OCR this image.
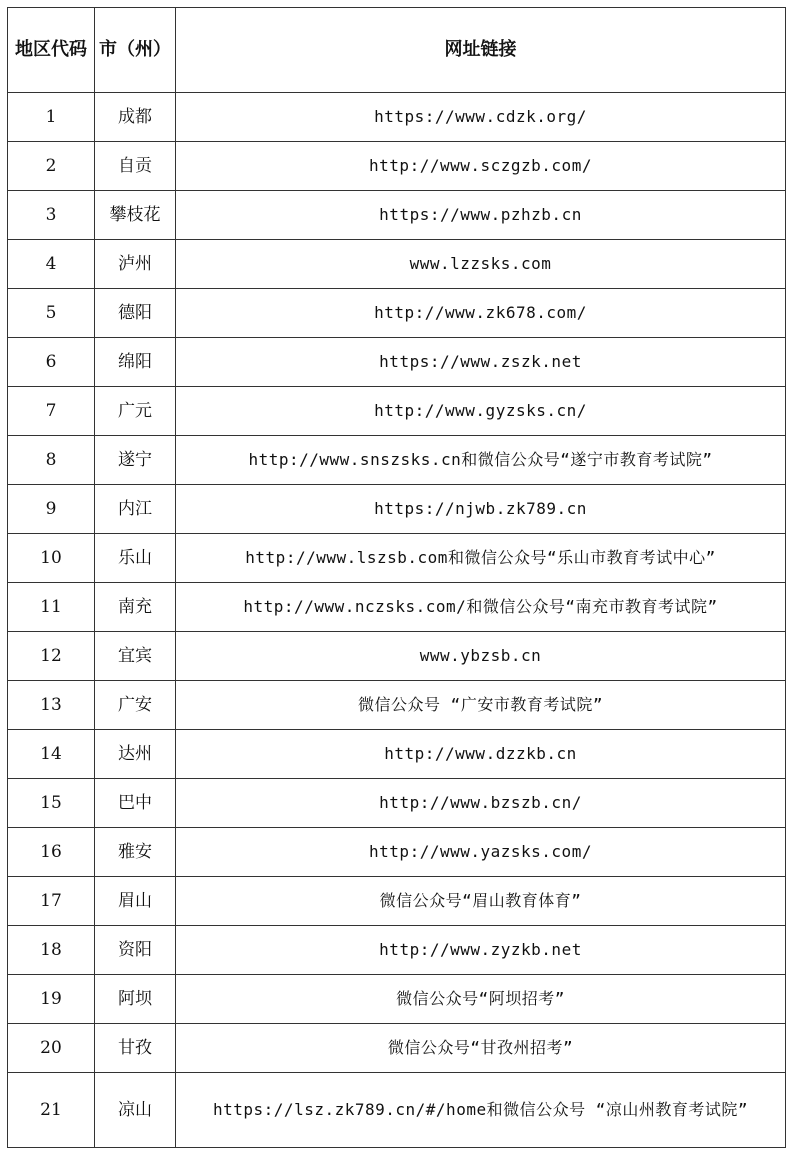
地区代码	市（州）	网址链接
1	成都	https://www.cdzk.org/
2	自贡	http://www.sczgzb.com/
3	攀枝花	https://www.pzhzb.cn
4	泸州	www.lzzsks.com
5	德阳	http://www.zk678.com/
6	绵阳	https://www.zszk.net
7	广元	http://www.gyzsks.cn/
8	遂宁	http://www.snszsks.cn和微信公众号“遂宁市教育考试院”
9	内江	https://njwb.zk789.cn
10	乐山	http://www.lszsb.com和微信公众号“乐山市教育考试中心”
11	南充	http://www.nczsks.com/和微信公众号“南充市教育考试院”
12	宜宾	www.ybzsb.cn
13	广安	微信公众号 “广安市教育考试院”
14	达州	http://www.dzzkb.cn
15	巴中	http://www.bzszb.cn/
16	雅安	http://www.yazsks.com/
17	眉山	微信公众号“眉山教育体育”
18	资阳	http://www.zyzkb.net
19	阿坝	微信公众号“阿坝招考”
20	甘孜	微信公众号“甘孜州招考”
21	凉山	https://lsz.zk789.cn/#/home和微信公众号 “凉山州教育考试院”
